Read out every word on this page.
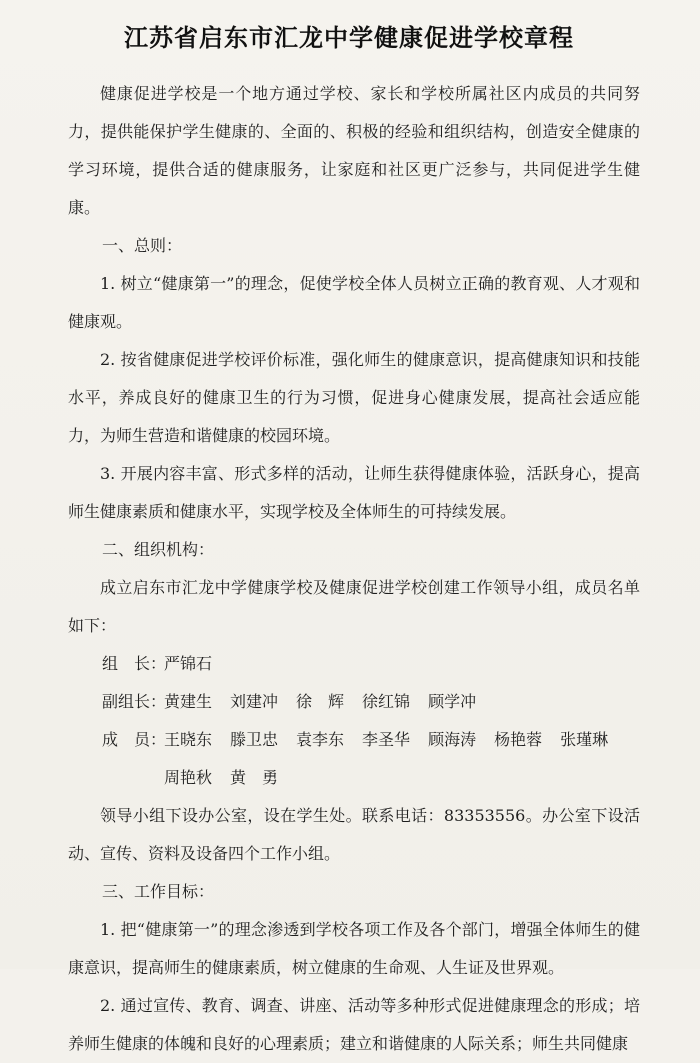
江苏省启东市汇龙中学健康促进学校章程

健康促进学校是一个地方通过学校、家长和学校所属社区内成员的共同努力，提供能保护学生健康的、全面的、积极的经验和组织结构，创造安全健康的学习环境，提供合适的健康服务，让家庭和社区更广泛参与，共同促进学生健康。

一、总则：

1. 树立“健康第一”的理念，促使学校全体人员树立正确的教育观、人才观和健康观。

2. 按省健康促进学校评价标准，强化师生的健康意识，提高健康知识和技能水平，养成良好的健康卫生的行为习惯，促进身心健康发展，提高社会适应能力，为师生营造和谐健康的校园环境。

3. 开展内容丰富、形式多样的活动，让师生获得健康体验，活跃身心，提高师生健康素质和健康水平，实现学校及全体师生的可持续发展。

二、组织机构：

成立启东市汇龙中学健康学校及健康促进学校创建工作领导小组，成员名单如下：

组　长：严锦石

副组长：黄建生 刘建冲 徐　辉 徐红锦 顾学冲

成　员：王晓东 滕卫忠 袁李东 李圣华 顾海涛 杨艳蓉 张瑾琳

周艳秋 黄　勇

领导小组下设办公室，设在学生处。联系电话：83353556。办公室下设活动、宣传、资料及设备四个工作小组。

三、工作目标：

1. 把“健康第一”的理念渗透到学校各项工作及各个部门，增强全体师生的健康意识，提高师生的健康素质，树立健康的生命观、人生证及世界观。

2. 通过宣传、教育、调查、讲座、活动等多种形式促进健康理念的形成；培养师生健康的体魄和良好的心理素质；建立和谐健康的人际关系；师生共同健康
